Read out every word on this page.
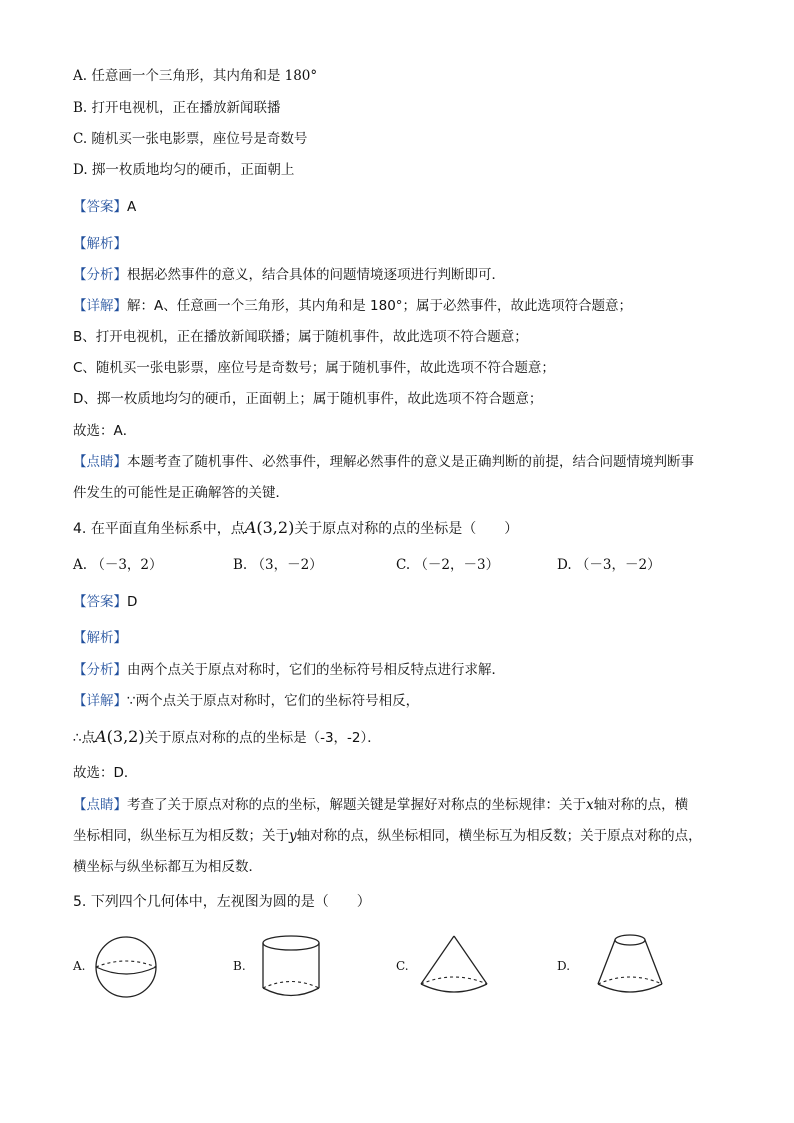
A. 任意画一个三角形，其内角和是 180°
B. 打开电视机，正在播放新闻联播
C. 随机买一张电影票，座位号是奇数号
D. 掷一枚质地均匀的硬币，正面朝上
【答案】A
【解析】
【分析】根据必然事件的意义，结合具体的问题情境逐项进行判断即可．
【详解】解：A、任意画一个三角形，其内角和是 180°；属于必然事件，故此选项符合题意；
B、打开电视机，正在播放新闻联播；属于随机事件，故此选项不符合题意；
C、随机买一张电影票，座位号是奇数号；属于随机事件，故此选项不符合题意；
D、掷一枚质地均匀的硬币，正面朝上；属于随机事件，故此选项不符合题意；
故选：A．
【点睛】本题考查了随机事件、必然事件，理解必然事件的意义是正确判断的前提，结合问题情境判断事
件发生的可能性是正确解答的关键．
4. 在平面直角坐标系中，点A(3,2)关于原点对称的点的坐标是（　　）
A. （－3，2）	B. （3，－2）	C. （－2，－3）	D. （－3，－2）
【答案】D
【解析】
【分析】由两个点关于原点对称时，它们的坐标符号相反特点进行求解．
【详解】∵两个点关于原点对称时，它们的坐标符号相反，
∴点A(3,2)关于原点对称的点的坐标是（-3，-2）．
故选：D．
【点睛】考查了关于原点对称的点的坐标，解题关键是掌握好对称点的坐标规律：关于x轴对称的点，横
坐标相同，纵坐标互为相反数；关于y轴对称的点，纵坐标相同，横坐标互为相反数；关于原点对称的点，
横坐标与纵坐标都互为相反数．
5. 下列四个几何体中，左视图为圆的是（　　）
A.	B.	C.	D.
